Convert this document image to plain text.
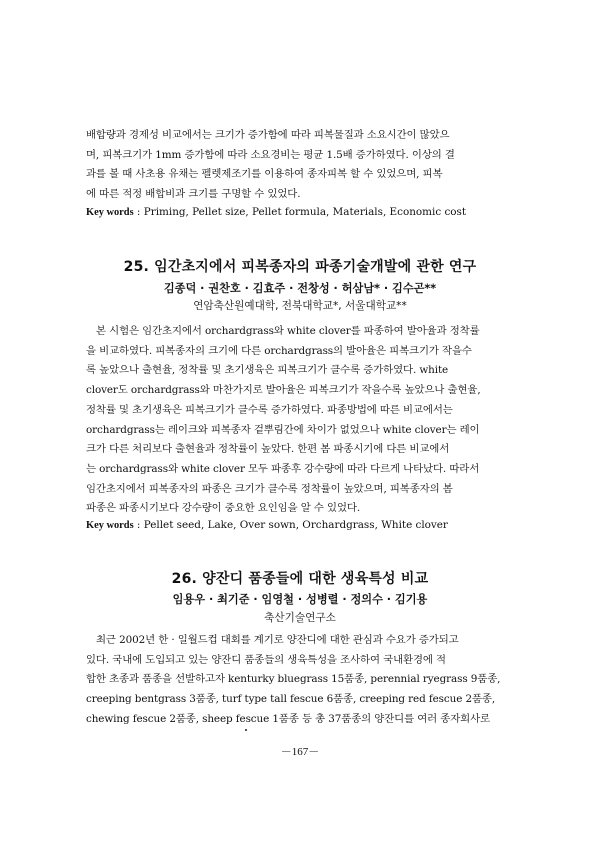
배합량과 경제성 비교에서는 크기가 증가함에 따라 피복물질과 소요시간이 많았으
며, 피복크기가 1mm 증가함에 따라 소요경비는 평균 1.5배 증가하였다. 이상의 결
과를 볼 때 사초용 유채는 펠렛제조기를 이용하여 종자피복 할 수 있었으며, 피복
에 따른 적정 배합비과 크기를 구명할 수 있었다.
Key words : Priming, Pellet size, Pellet formula, Materials, Economic cost
25. 임간초지에서 피복종자의 파종기술개발에 관한 연구
김종덕 · 권찬호 · 김효주 · 전창성 · 허삼남* · 김수곤**
연암축산원예대학, 전북대학교*, 서울대학교**
본 시험은 임간초지에서 orchardgrass와 white clover를 파종하여 발아율과 정착률
을 비교하였다. 피복종자의 크기에 다른 orchardgrass의 발아율은 피복크기가 작을수
록 높았으나 출현율, 정착률 및 초기생육은 피복크기가 클수록 증가하였다. white
clover도 orchardgrass와 마찬가지로 발아율은 피복크기가 작을수록 높았으나 출현율,
정착률 및 초기생육은 피복크기가 클수록 증가하였다. 파종방법에 따른 비교에서는
orchardgrass는 레이크와 피복종자 겉뿌림간에 차이가 없었으나 white clover는 레이
크가 다른 처리보다 출현율과 정착률이 높았다. 한편 봄 파종시기에 다른 비교에서
는 orchardgrass와 white clover 모두 파종후 강수량에 따라 다르게 나타났다. 따라서
임간초지에서 피복종자의 파종은 크기가 클수록 정착률이 높았으며, 피복종자의 봄
파종은 파종시기보다 강수량이 중요한 요인임을 알 수 있었다.
Key words : Pellet seed, Lake, Over sown, Orchardgrass, White clover
26. 양잔디 품종들에 대한 생육특성 비교
임용우 · 최기준 · 임영철 · 성병렬 · 정의수 · 김기용
축산기술연구소
최근 2002년 한 · 일월드컵 대회를 계기로 양잔디에 대한 관심과 수요가 증가되고
있다. 국내에 도입되고 있는 양잔디 품종들의 생육특성을 조사하여 국내환경에 적
합한 초종과 품종을 선발하고자 kenturky bluegrass 15품종, perennial ryegrass 9품종,
creeping bentgrass 3품종, turf type tall fescue 6품종, creeping red fescue 2품종,
chewing fescue 2품종, sheep fescue 1품종 등 총 37품종의 양잔디를 여러 종자회사로
－167－
